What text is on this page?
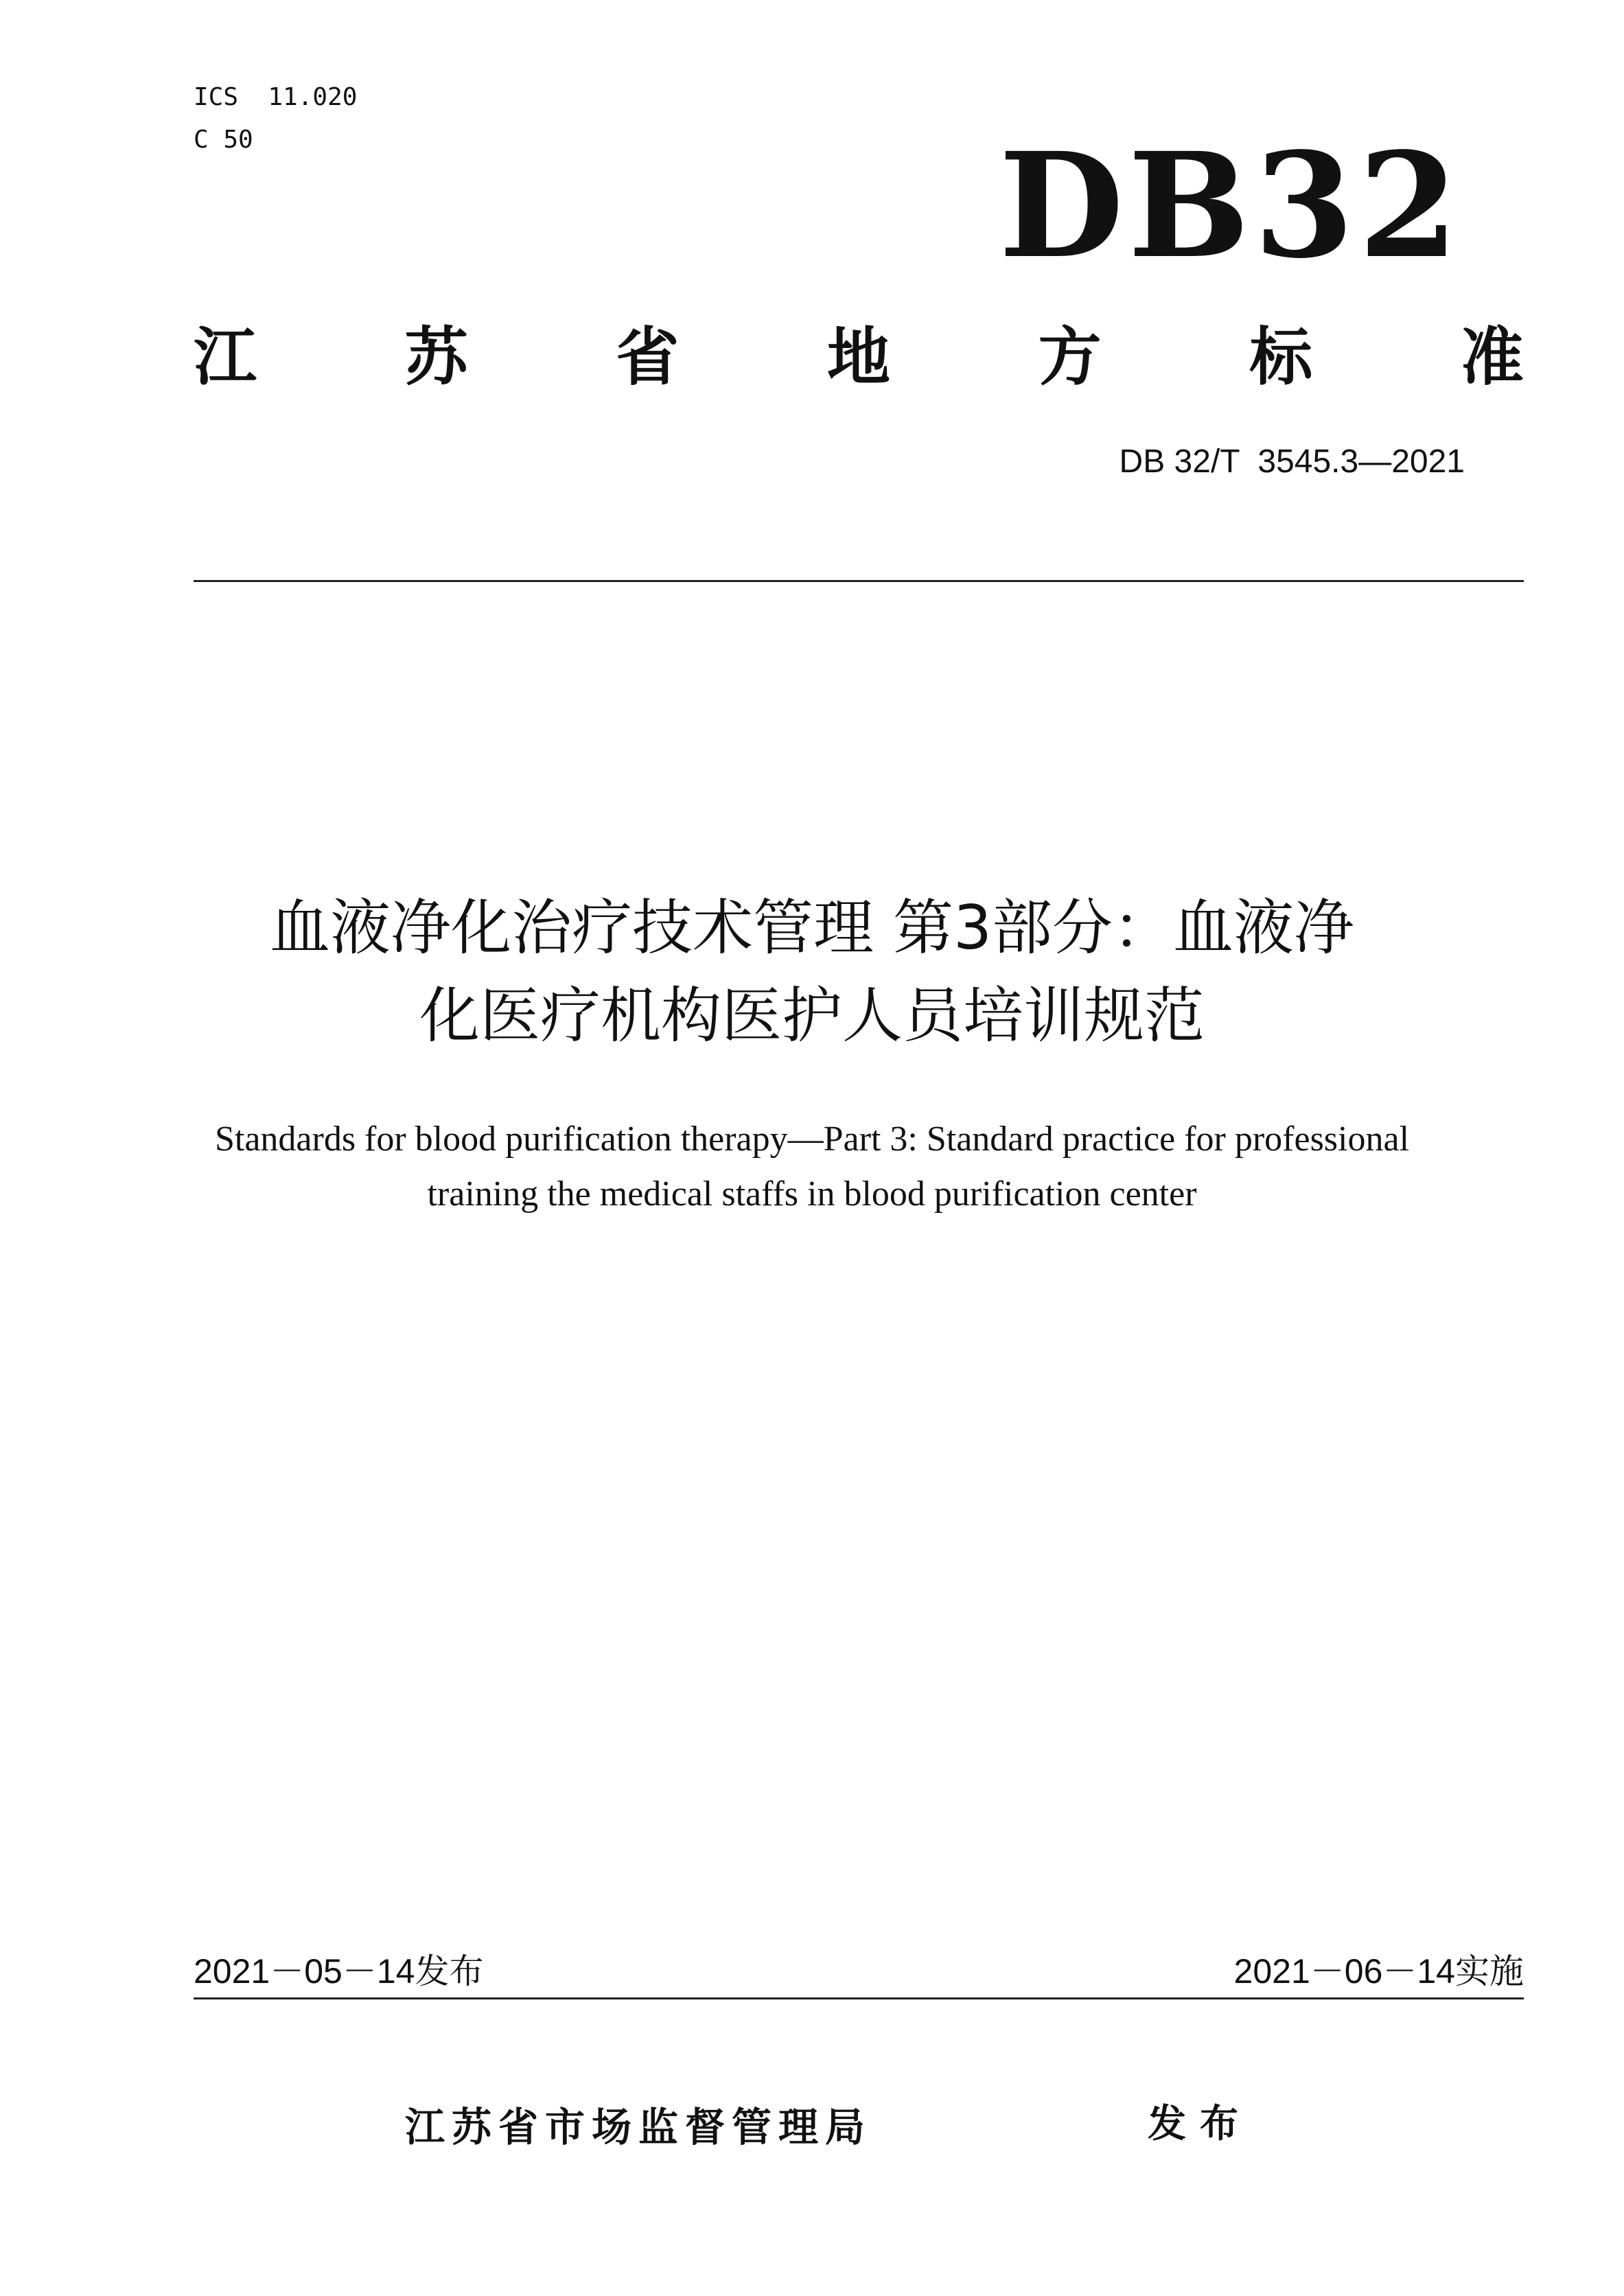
ICS  11.020
C 50	DB32
江 苏 省 地 方 标 准
DB 32/T  3545.3—2021
血液净化治疗技术管理 第3部分：血液净
化医疗机构医护人员培训规范
Standards for blood purification therapy—Part 3: Standard practice for professional
training the medical staffs in blood purification center
2021－05－14发布	2021－06－14实施
江苏省市场监督管理局	发布
